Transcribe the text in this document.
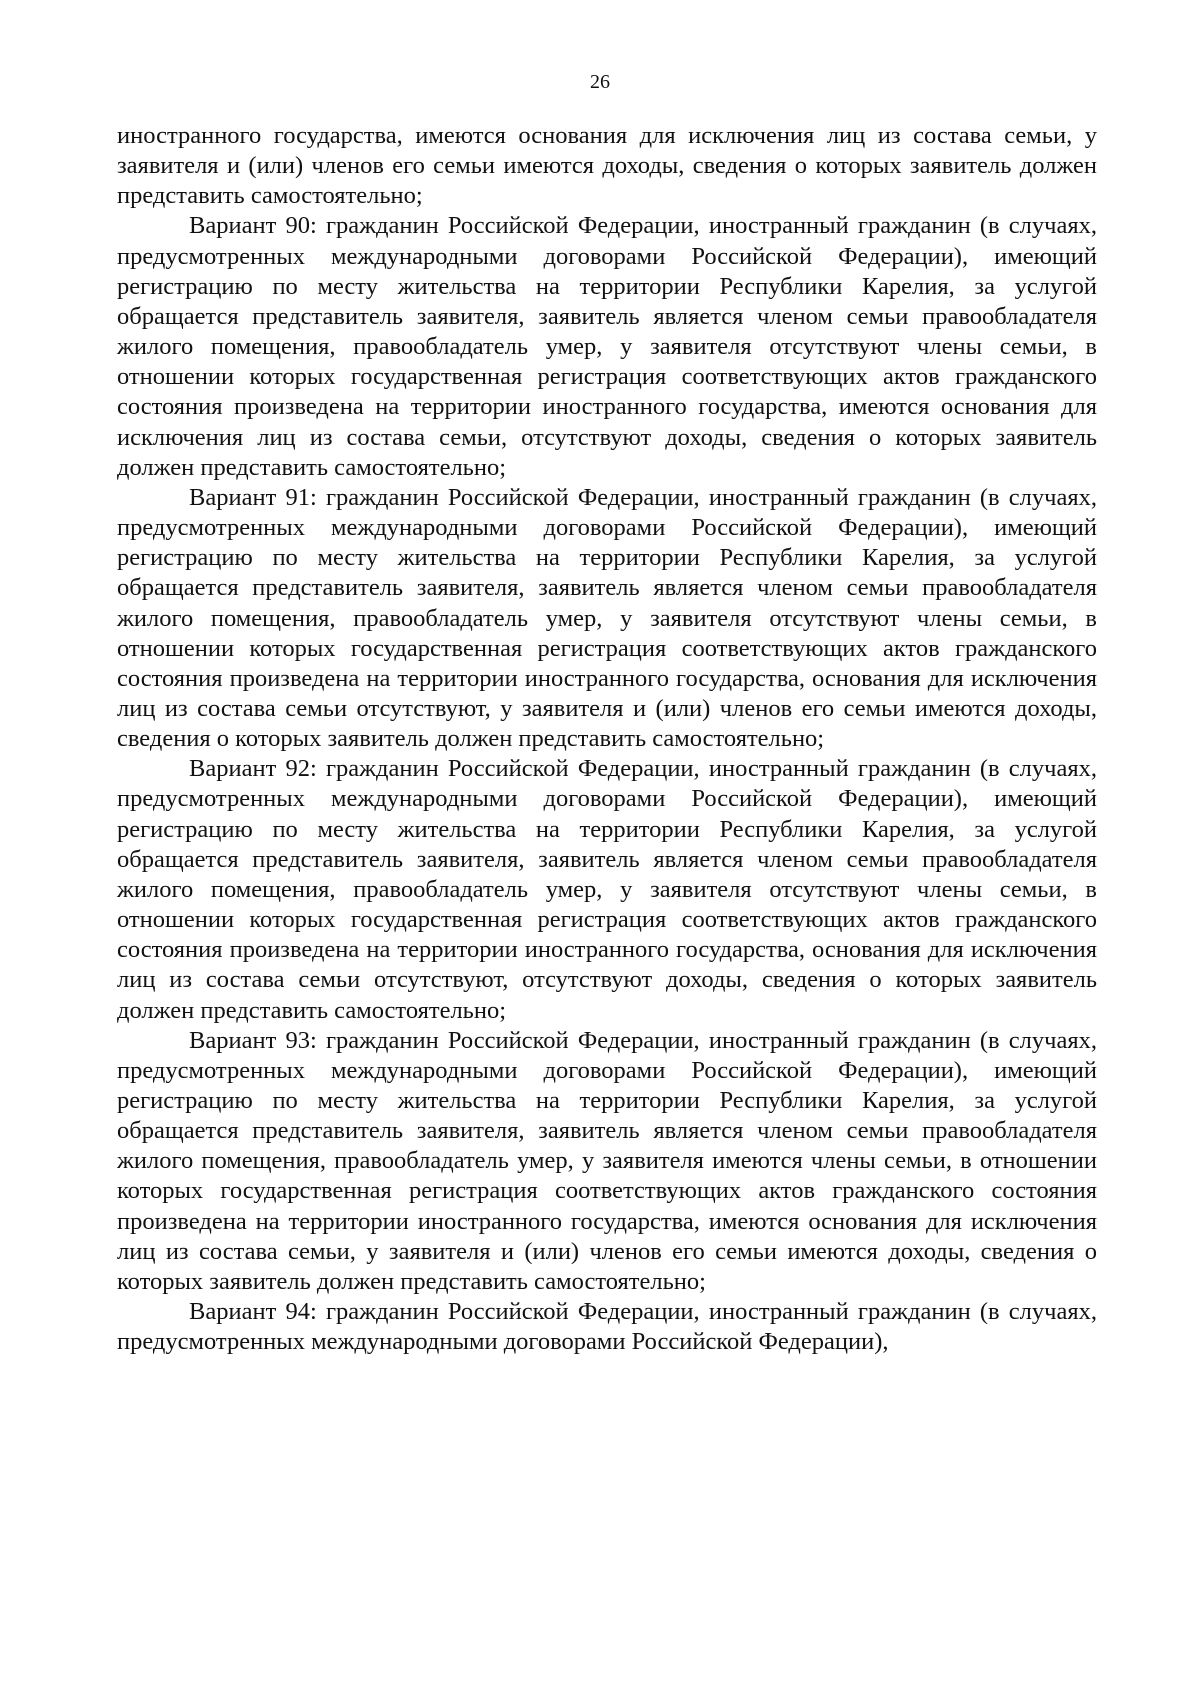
26

иностранного государства, имеются основания для исключения лиц из состава семьи, у заявителя и (или) членов его семьи имеются доходы, сведения о которых заявитель должен представить самостоятельно;

Вариант 90: гражданин Российской Федерации, иностранный гражданин (в случаях, предусмотренных международными договорами Российской Федерации), имеющий регистрацию по месту жительства на территории Республики Карелия, за услугой обращается представитель заявителя, заявитель является членом семьи правообладателя жилого помещения, правообладатель умер, у заявителя отсутствуют члены семьи, в отношении которых государственная регистрация соответствующих актов гражданского состояния произведена на территории иностранного государства, имеются основания для исключения лиц из состава семьи, отсутствуют доходы, сведения о которых заявитель должен представить самостоятельно;

Вариант 91: гражданин Российской Федерации, иностранный гражданин (в случаях, предусмотренных международными договорами Российской Федерации), имеющий регистрацию по месту жительства на территории Республики Карелия, за услугой обращается представитель заявителя, заявитель является членом семьи правообладателя жилого помещения, правообладатель умер, у заявителя отсутствуют члены семьи, в отношении которых государственная регистрация соответствующих актов гражданского состояния произведена на территории иностранного государства, основания для исключения лиц из состава семьи отсутствуют, у заявителя и (или) членов его семьи имеются доходы, сведения о которых заявитель должен представить самостоятельно;

Вариант 92: гражданин Российской Федерации, иностранный гражданин (в случаях, предусмотренных международными договорами Российской Федерации), имеющий регистрацию по месту жительства на территории Республики Карелия, за услугой обращается представитель заявителя, заявитель является членом семьи правообладателя жилого помещения, правообладатель умер, у заявителя отсутствуют члены семьи, в отношении которых государственная регистрация соответствующих актов гражданского состояния произведена на территории иностранного государства, основания для исключения лиц из состава семьи отсутствуют, отсутствуют доходы, сведения о которых заявитель должен представить самостоятельно;

Вариант 93: гражданин Российской Федерации, иностранный гражданин (в случаях, предусмотренных международными договорами Российской Федерации), имеющий регистрацию по месту жительства на территории Республики Карелия, за услугой обращается представитель заявителя, заявитель является членом семьи правообладателя жилого помещения, правообладатель умер, у заявителя имеются члены семьи, в отношении которых государственная регистрация соответствующих актов гражданского состояния произведена на территории иностранного государства, имеются основания для исключения лиц из состава семьи, у заявителя и (или) членов его семьи имеются доходы, сведения о которых заявитель должен представить самостоятельно;

Вариант 94: гражданин Российской Федерации, иностранный гражданин (в случаях, предусмотренных международными договорами Российской Федерации),
